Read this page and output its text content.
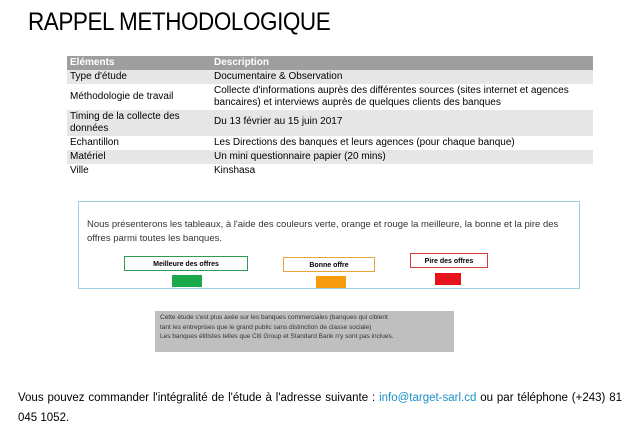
RAPPEL METHODOLOGIQUE
Eléments	Description
Type d'étude	Documentaire & Observation
Méthodologie de travail	Collecte d'informations auprès des différentes sources (sites internet et agences bancaires) et interviews auprès de quelques clients des banques
Timing de la collecte des données	Du 13 février au 15 juin 2017
Echantillon	Les Directions des banques et leurs agences (pour chaque banque)
Matériel	Un mini questionnaire papier (20 mins)
Ville	Kinshasa
Nous présenterons les tableaux, à l'aide des couleurs verte, orange et rouge la meilleure, la bonne et la pire des offres parmi toutes les banques.
Meilleure des offres	Bonne offre
Pire des offres
Cette étude s'est plus axée sur les banques commerciales (banques qui ciblent
tant les entreprises que le grand public sans distinction de classe sociale)
Les banques élitistes telles que Citi Group et Standard Bank n'y sont pas inclues.
Vous pouvez commander l'intégralité de l'étude à l'adresse suivante : info@target-sarl.cd ou par téléphone (+243) 81 045 1052.
